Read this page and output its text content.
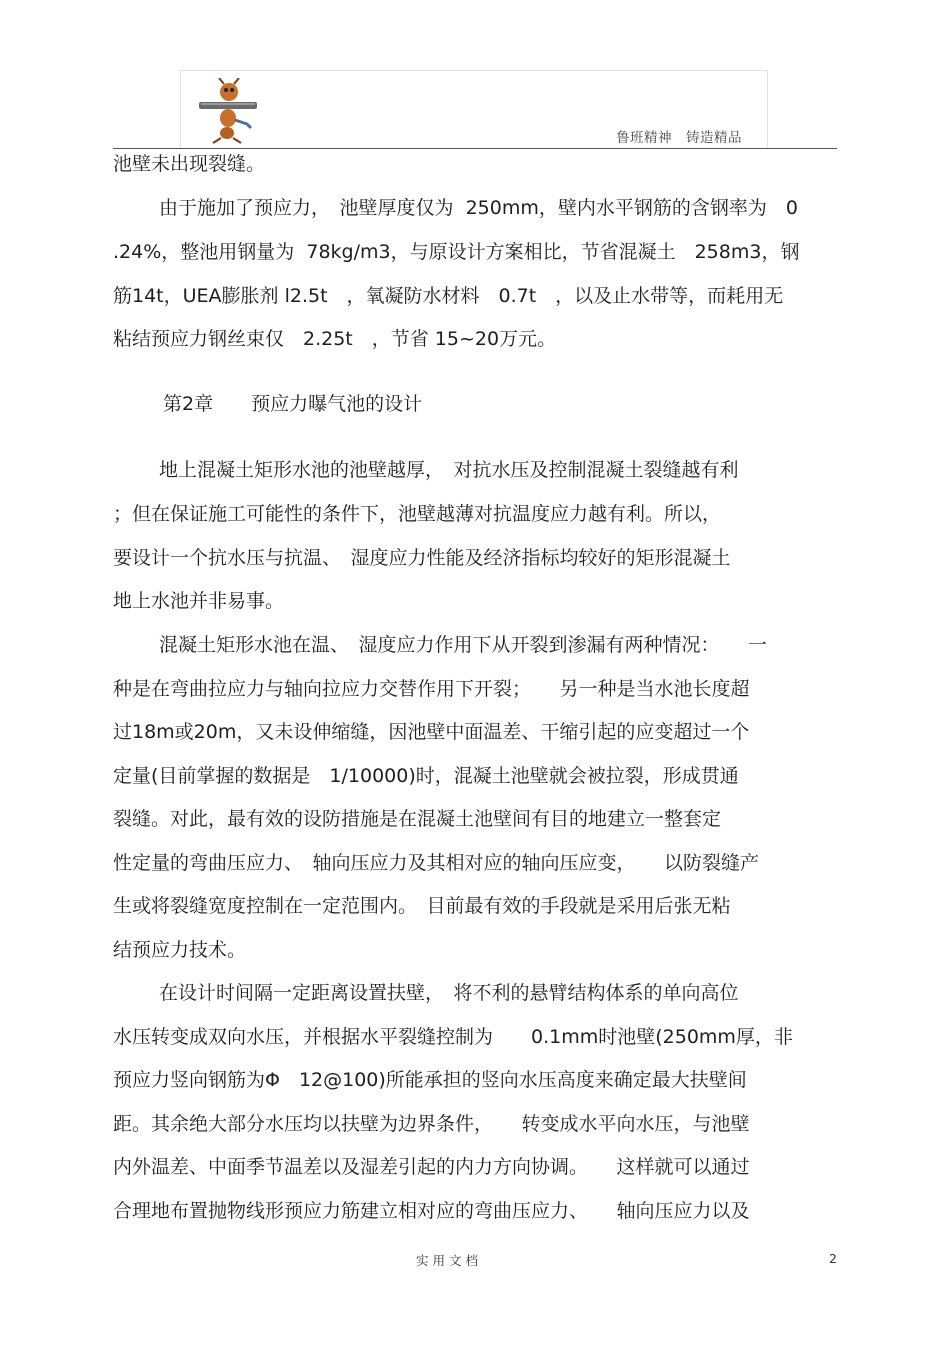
鲁班精神　铸造精品
池壁未出现裂缝。
　由于施加了预应力，　池壁厚度仅为  250mm，壁内水平钢筋的含钢率为　0
.24%，整池用钢量为  78kg/m3，与原设计方案相比，节省混凝土　258m3，钢
筋14t，UEA膨胀剂 l2.5t　，氧凝防水材料　0.7t　，以及止水带等，而耗用无
粘结预应力钢丝束仅　2.25t　，节省 15~20万元。
第2章　　预应力曝气池的设计
　地上混凝土矩形水池的池壁越厚，　对抗水压及控制混凝土裂缝越有利
；但在保证施工可能性的条件下，池壁越薄对抗温度应力越有利。所以，
要设计一个抗水压与抗温、　湿度应力性能及经济指标均较好的矩形混凝土
地上水池并非易事。
　混凝土矩形水池在温、　湿度应力作用下从开裂到渗漏有两种情况：　　一
种是在弯曲拉应力与轴向拉应力交替作用下开裂；　　另一种是当水池长度超
过18m或20m，又未设伸缩缝，因池壁中面温差、干缩引起的应变超过一个
定量(目前掌握的数据是　1/10000)时，混凝土池壁就会被拉裂，形成贯通
裂缝。对此，最有效的设防措施是在混凝土池壁间有目的地建立一整套定
性定量的弯曲压应力、　轴向压应力及其相对应的轴向压应变，　　以防裂缝产
生或将裂缝宽度控制在一定范围内。　目前最有效的手段就是采用后张无粘
结预应力技术。
　在设计时间隔一定距离设置扶壁，　将不利的悬臂结构体系的单向高位
水压转变成双向水压，并根据水平裂缝控制为　　0.1mm时池壁(250mm厚，非
预应力竖向钢筋为Φ　12@100)所能承担的竖向水压高度来确定最大扶壁间
距。其余绝大部分水压均以扶壁为边界条件，　　转变成水平向水压，与池壁
内外温差、中面季节温差以及湿差引起的内力方向协调。　　这样就可以通过
合理地布置抛物线形预应力筋建立相对应的弯曲压应力、　　轴向压应力以及
实用文档	2
